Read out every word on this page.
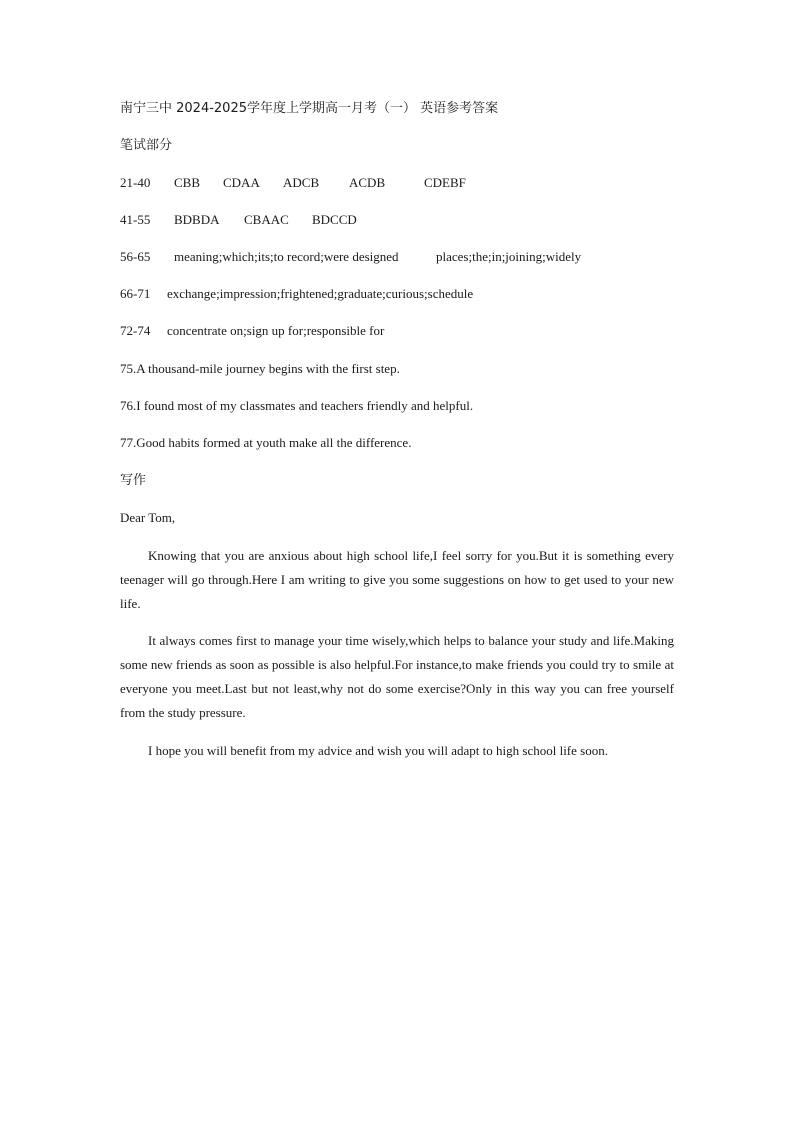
南宁三中 2024-2025学年度上学期高一月考（一） 英语参考答案
笔试部分
21-40	CBB	CDAA	ADCB	ACDB	CDEBF
41-55	BDBDA	CBAAC	BDCCD
56-65	meaning;which;its;to record;were designed	places;the;in;joining;widely
66-71	exchange;impression;frightened;graduate;curious;schedule
72-74	concentrate on;sign up for;responsible for
75.A thousand-mile journey begins with the first step.
76.I found most of my classmates and teachers friendly and helpful.
77.Good habits formed at youth make all the difference.
写作
Dear Tom,
Knowing that you are anxious about high school life,I feel sorry for you.But it is something every teenager will go through.Here I am writing to give you some suggestions on how to get used to your new life.
It always comes first to manage your time wisely,which helps to balance your study and life.Making some new friends as soon as possible is also helpful.For instance,to make friends you could try to smile at everyone you meet.Last but not least,why not do some exercise?Only in this way you can free yourself from the study pressure.
I hope you will benefit from my advice and wish you will adapt to high school life soon.
